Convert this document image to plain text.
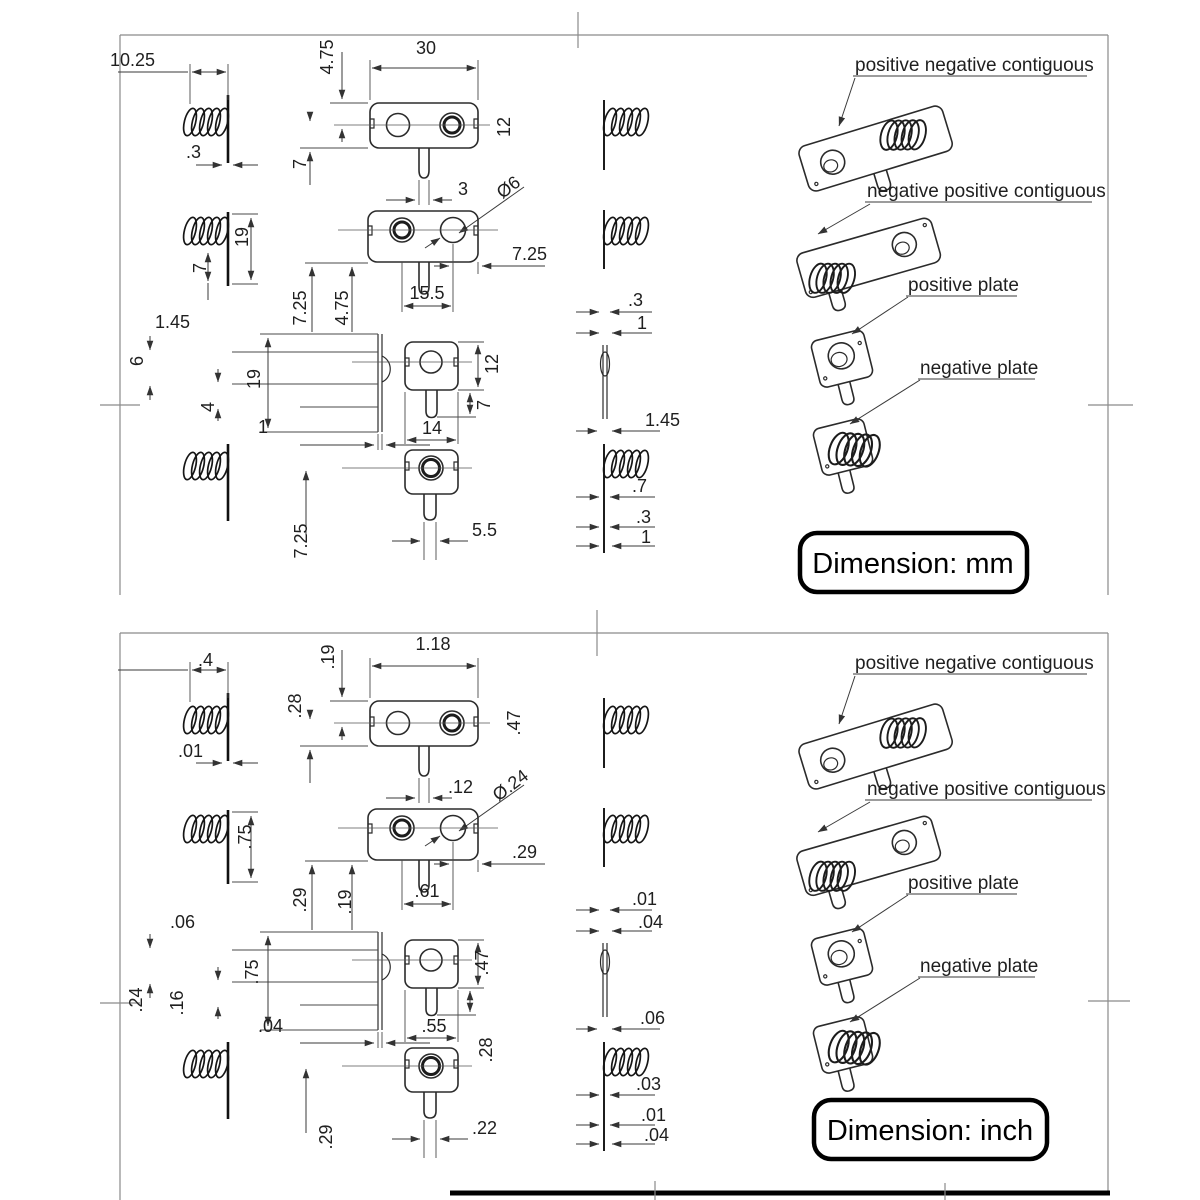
10.25
.3
7
19
1.45
6
4
19
1
4.75	30
12
7
3 Ø6
7.25
15.5
7.25 4.75
12
7
14
5.5
7.25
.3
1
1.45
.7
.3
1
positive negative contiguous
negative positive contiguous
positive plate
negative plate
Dimension: mm
.4
.01
.75
.06
.24 .16
.75
.04
.19
1.18
.47
.28
.12 Ø.24
.29
.61
.29 .19
.47
.28
.55
.22
.29
.01
.04
.06
.03
.01
.04
positive negative contiguous
negative positive contiguous
positive plate
negative plate
Dimension: inch
